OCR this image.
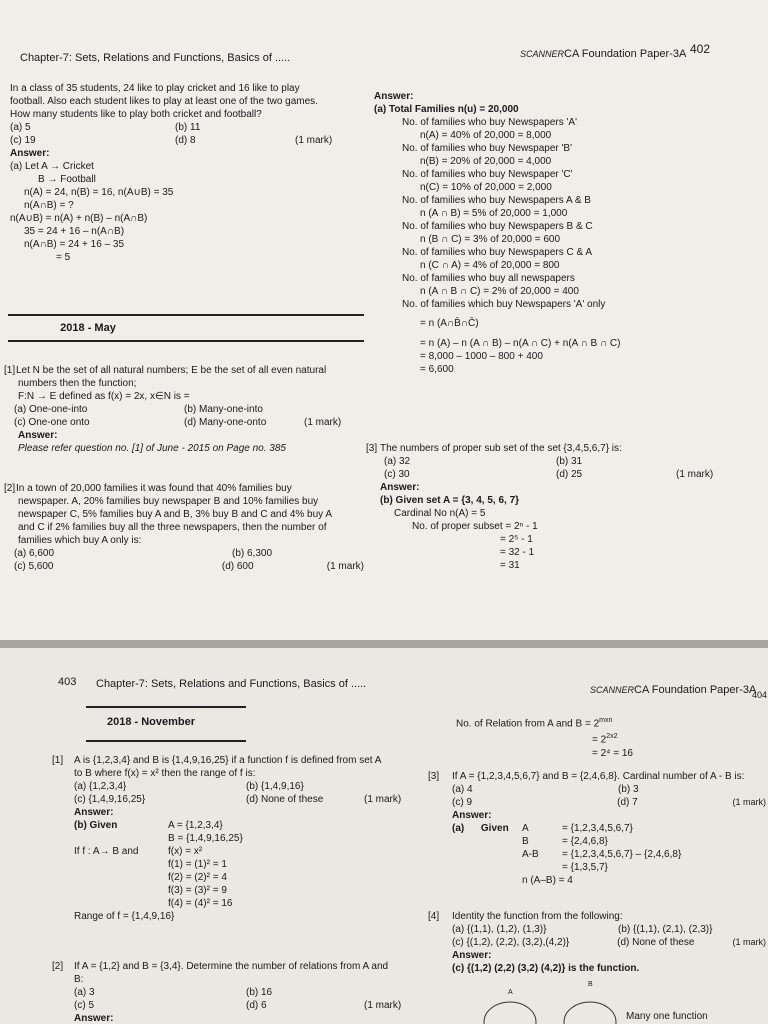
Chapter-7: Sets, Relations and Functions, Basics of .....	SCANNERCA Foundation Paper-3A 402

In a class of 35 students, 24 like to play cricket and 16 like to play

football. Also each student likes to play at least one of the two games.

How many students like to play both cricket and football?

(a) 5	(b) 11
(c) 19	(d) 8	(1 mark)

Answer:

(a) Let A → Cricket

B → Football

n(A) = 24, n(B) = 16, n(A∪B) = 35

n(A∩B) = ?

n(A∪B) = n(A) + n(B) – n(A∩B)

35 = 24 + 16 – n(A∩B)

n(A∩B) = 24 + 16 – 35

= 5

2018 - May
[1] Let N be the set of all natural numbers; E be the set of all even natural

numbers then the function;

F:N → E defined as f(x) = 2x, x∈N is =

(a) One-one-into	(b) Many-one-into
(c) One-one onto	(d) Many-one-onto	(1 mark)

Answer:

Please refer question no. [1] of June - 2015 on Page no. 385

[2] In a town of 20,000 families it was found that 40% families buy

newspaper. A, 20% families buy newspaper B and 10% families buy

newspaper C, 5% families buy A and B, 3% buy B and C and 4% buy A

and C if 2% families buy all the three newspapers, then the number of

families which buy A only is:

(a) 6,600	(b) 6,300
(c) 5,600	(d) 600	(1 mark)

Answer:

(a) Total Families n(u) = 20,000

No. of families who buy Newspapers 'A'

n(A) = 40% of 20,000 = 8,000

No. of families who buy Newspaper 'B'

n(B) = 20% of 20,000 = 4,000

No. of families who buy Newspaper 'C'

n(C) = 10% of 20,000 = 2,000

No. of families who buy Newspapers A & B

n (A ∩ B) = 5% of 20,000 = 1,000

No. of families who buy Newspapers B & C

n (B ∩ C) = 3% of 20,000 = 600

No. of families who buy Newspapers C & A

n (C ∩ A) = 4% of 20,000 = 800

No. of families who buy all newspapers

n (A ∩ B ∩ C) = 2% of 20,000 = 400

No. of families which buy Newspapers 'A' only

= n (A∩B̄∩C̄)

= n (A) – n (A ∩ B) – n(A ∩ C) + n(A ∩ B ∩ C)

= 8,000 – 1000 – 800 + 400

= 6,600

[3] The numbers of proper sub set of the set {3,4,5,6,7} is:
(a) 32	(b) 31
(c) 30	(d) 25	(1 mark)

Answer:

(b) Given set A = {3, 4, 5, 6, 7}

Cardinal No n(A) = 5

No. of proper subset = 2ⁿ - 1

= 2⁵ - 1

= 32 - 1

= 31

403 Chapter-7: Sets, Relations and Functions, Basics of .....	SCANNERCA Foundation Paper-3A
404
2018 - November
[1]	A is {1,2,3,4} and B is {1,4,9,16,25} if a function f is defined from set A

to B where f(x) = x² then the range of f is:

(a) {1,2,3,4}	(b) {1,4,9,16}
(c) {1,4,9,16,25}	(d) None of these	(1 mark)

Answer:

(b) Given	A = {1,2,3,4}

B = {1,4,9,16,25}

If f : A→ B and	f(x) = x²

f(1) = (1)² = 1

f(2) = (2)² = 4

f(3) = (3)² = 9

f(4) = (4)² = 16

Range of f = {1,4,9,16}

[2]	If A = {1,2} and B = {3,4}. Determine the number of relations from A and

B:

(a) 3	(b) 16
(c) 5	(d) 6	(1 mark)

Answer:

No. of Relation from A and $B = 2^{mxn}$

= $2^{2x2}$

= 2⁴ = 16

[3]	If A = {1,2,3,4,5,6,7} and B = {2,4,6,8}. Cardinal number of A - B is:
(a) 4	(b) 3
(c) 9	(d) 7	(1 mark)

Answer:

(a)      Given	A	= {1,2,3,4,5,6,7}
B	= {2,4,6,8}
A-B	= {1,2,3,4,5,6,7} – {2,4,6,8}
= {1,3,5,7}

n (A–B) = 4

[4]	Identity the function from the following:
(a) {(1,1), (1,2), (1,3)}	(b) {(1,1), (2,1), (2,3)}
(c) {(1,2), (2,2), (3,2),(4,2)}	(d) None of these	(1 mark)

Answer:

(c) {(1,2) (2,2) (3,2) (4,2)} is the function.

A
B
Many one function
